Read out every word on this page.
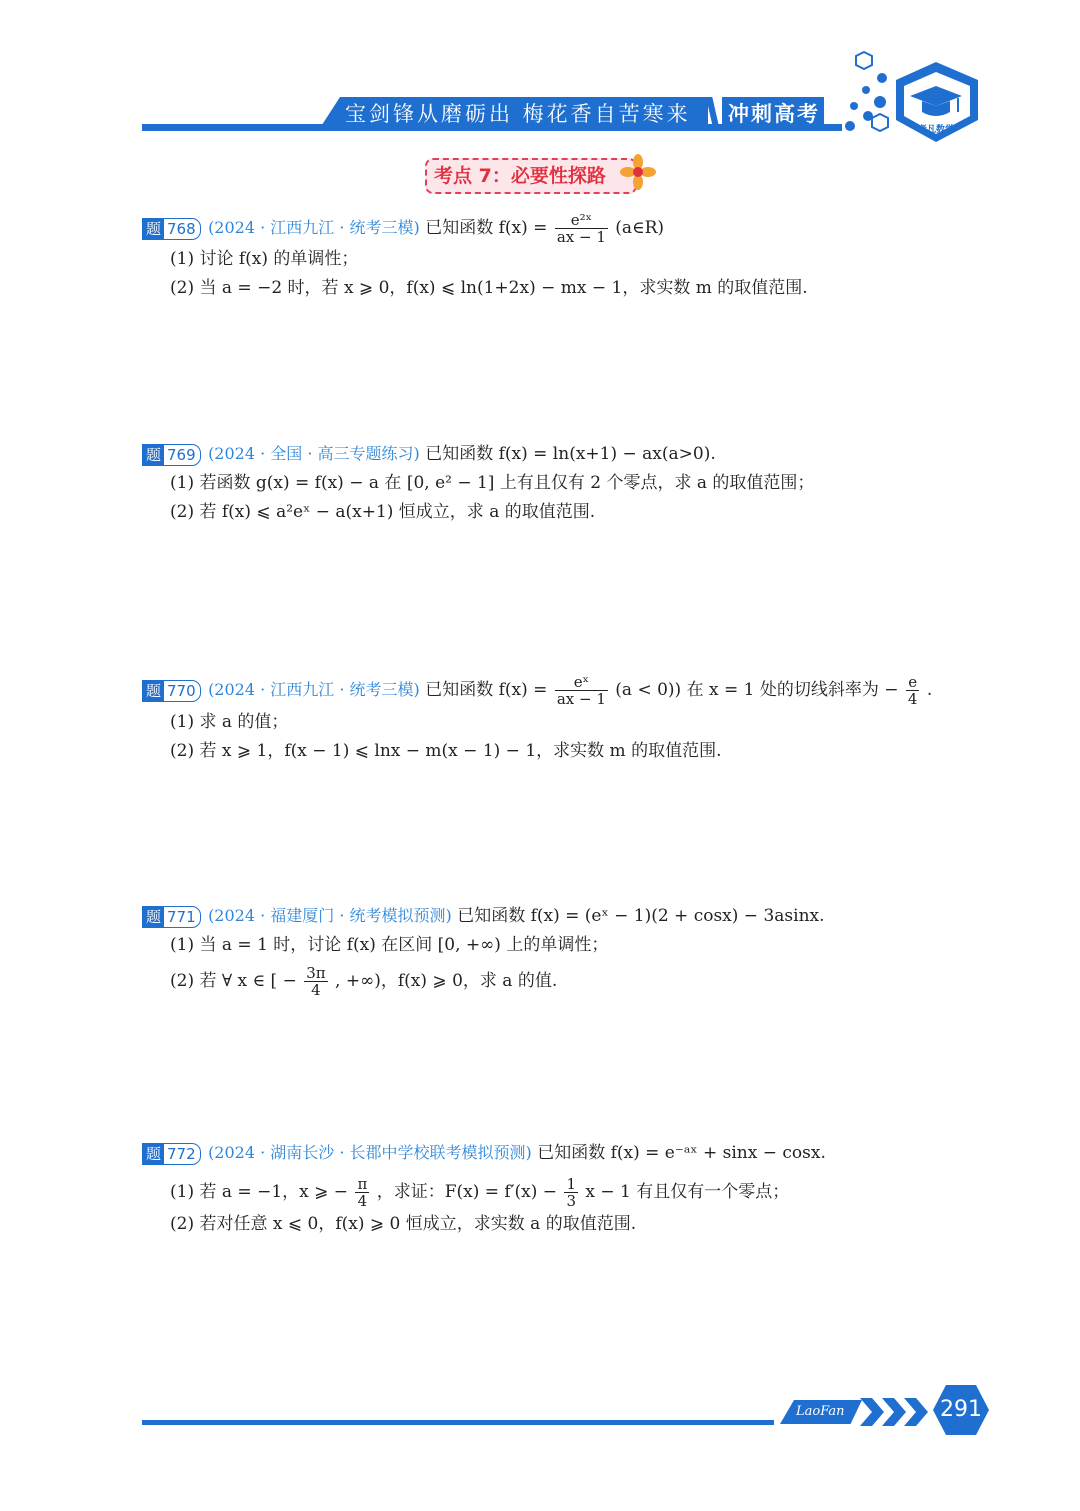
宝剑锋从磨砺出 梅花香自苦寒来 冲刺高考
老凡数学
考点 7：必要性探路
题 768 (2024 · 江西九江 · 统考三模) 已知函数 $f(x) = \frac{\text{e²ˣ}}{ax - 1}$ (a∈R)
(1) 讨论 f(x) 的单调性；
(2) 当 a = −2 时，若 x ⩾ 0，f(x) ⩽ ln(1+2x) − mx − 1，求实数 m 的取值范围.
题 769 (2024 · 全国 · 高三专题练习) 已知函数 f(x) = ln(x+1) − ax(a>0).
(1) 若函数 g(x) = f(x) − a 在 [0, e² − 1] 上有且仅有 2 个零点，求 a 的取值范围；
(2) 若 f(x) ⩽ a²eˣ − a(x+1) 恒成立，求 a 的取值范围.
题 770 (2024 · 江西九江 · 统考三模) 已知函数 $f(x) = \frac{\text{eˣ}}{ax - 1} (a < 0)$) 在 x = 1 处的切线斜率为 − $\frac{e}{4}$ .
(1) 求 a 的值；
(2) 若 x ⩾ 1，f(x − 1) ⩽ lnx − m(x − 1) − 1，求实数 m 的取值范围.
题 771 (2024 · 福建厦门 · 统考模拟预测) 已知函数 f(x) = (eˣ − 1)(2 + cosx) − 3asinx.
(1) 当 a = 1 时，讨论 f(x) 在区间 [0, +∞) 上的单调性；
(2) 若 ∀ x ∈ [ − $\frac{3\pi}{4}$ , +∞)，f(x) ⩾ 0，求 a 的值.
题 772 (2024 · 湖南长沙 · 长郡中学校联考模拟预测) 已知函数 f(x) = e⁻ᵃˣ + sinx − cosx.
(1) 若 a = −1，x ⩾ − $\frac{\pi}{4}$ ，求证：$F(x) = f'(x) - \frac{1}{3}$ x − 1 有且仅有一个零点；
(2) 若对任意 x ⩽ 0，f(x) ⩾ 0 恒成立，求实数 a 的取值范围.
LaoFan	291
